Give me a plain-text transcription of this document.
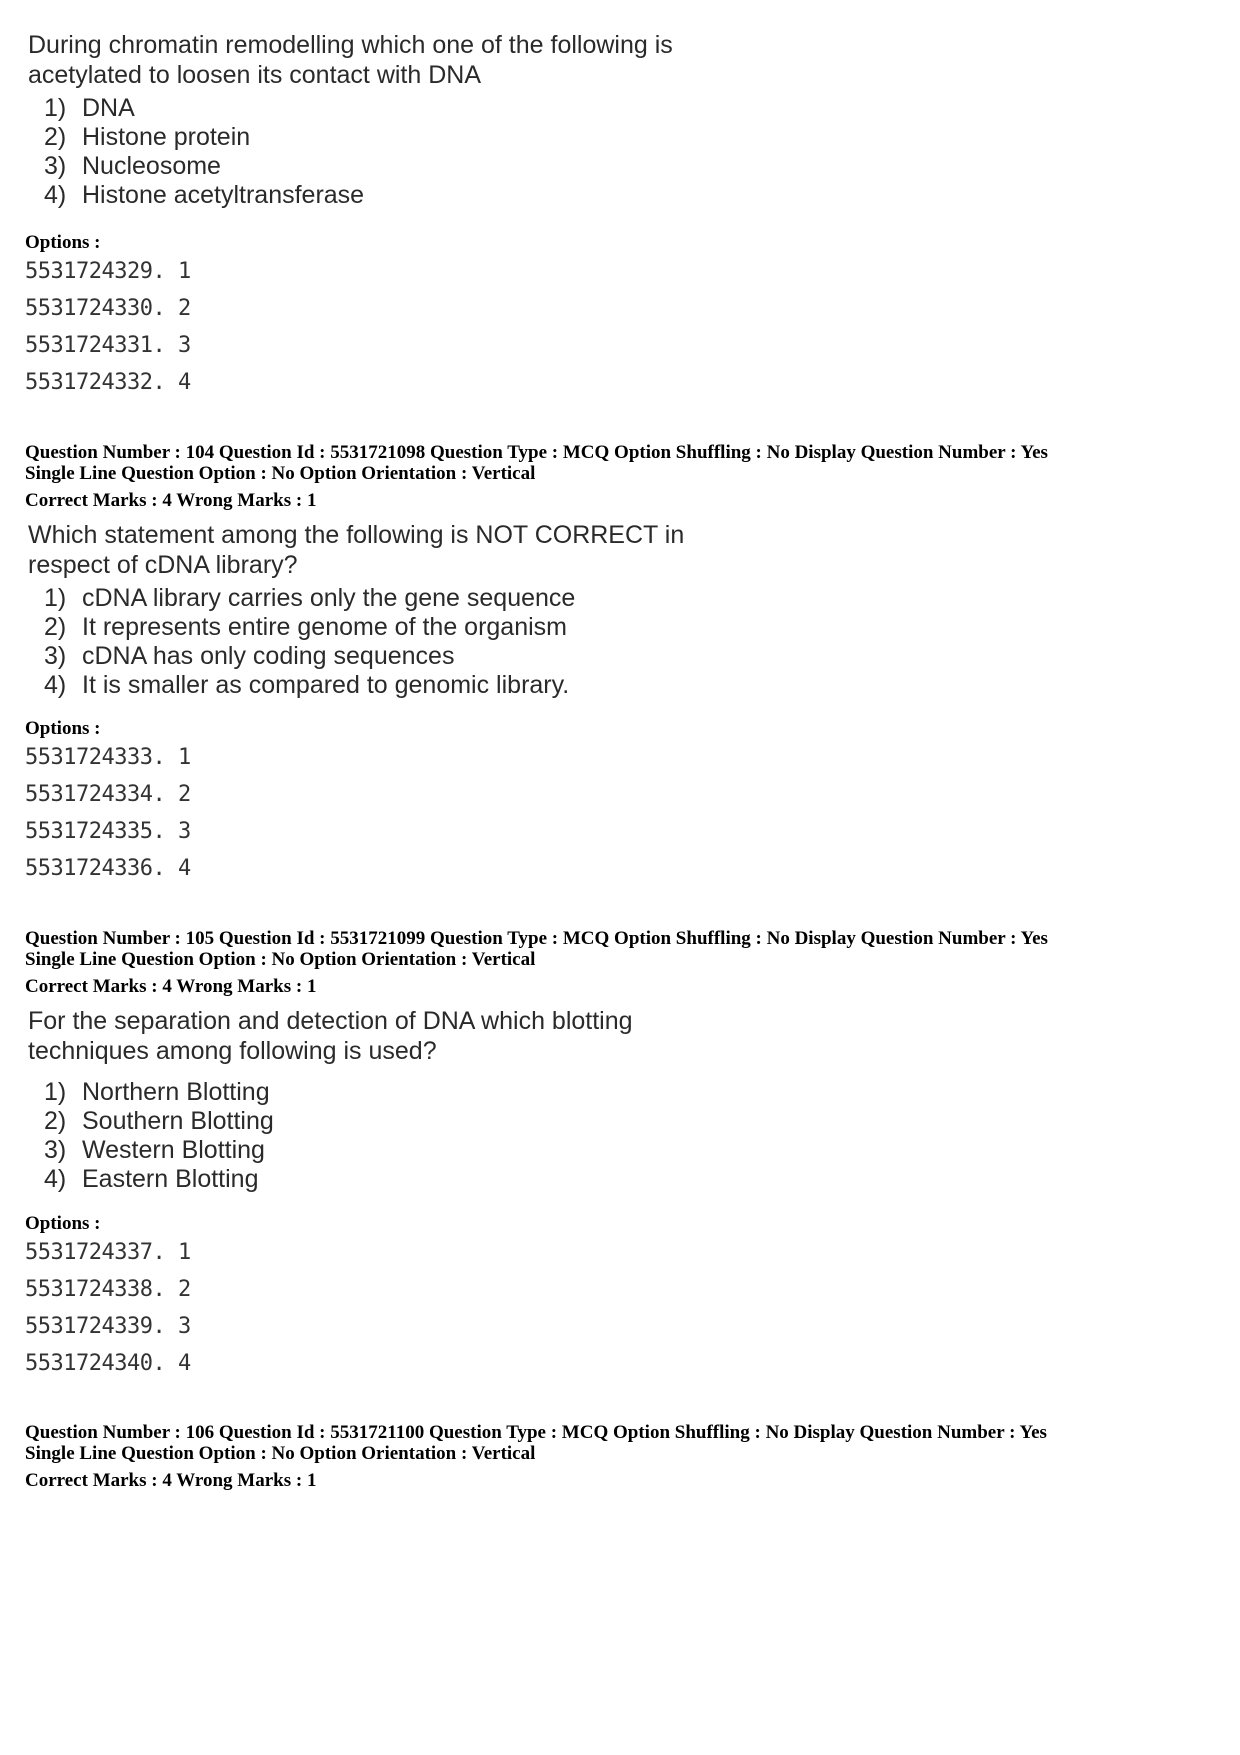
During chromatin remodelling which one of the following is

acetylated to loosen its contact with DNA

1) DNA
2) Histone protein
3) Nucleosome
4) Histone acetyltransferase
Options :
5531724329. 1
5531724330. 2
5531724331. 3
5531724332. 4
Question Number : 104 Question Id : 5531721098 Question Type : MCQ Option Shuffling : No Display Question Number : Yes
Single Line Question Option : No Option Orientation : Vertical
Correct Marks : 4 Wrong Marks : 1

Which statement among the following is NOT CORRECT in

respect of cDNA library?

1) cDNA library carries only the gene sequence
2) It represents entire genome of the organism
3) cDNA has only coding sequences
4) It is smaller as compared to genomic library.
Options :
5531724333. 1
5531724334. 2
5531724335. 3
5531724336. 4
Question Number : 105 Question Id : 5531721099 Question Type : MCQ Option Shuffling : No Display Question Number : Yes
Single Line Question Option : No Option Orientation : Vertical
Correct Marks : 4 Wrong Marks : 1

For the separation and detection of DNA which blotting

techniques among following is used?

1) Northern Blotting
2) Southern Blotting
3) Western Blotting
4) Eastern Blotting
Options :
5531724337. 1
5531724338. 2
5531724339. 3
5531724340. 4
Question Number : 106 Question Id : 5531721100 Question Type : MCQ Option Shuffling : No Display Question Number : Yes
Single Line Question Option : No Option Orientation : Vertical
Correct Marks : 4 Wrong Marks : 1
